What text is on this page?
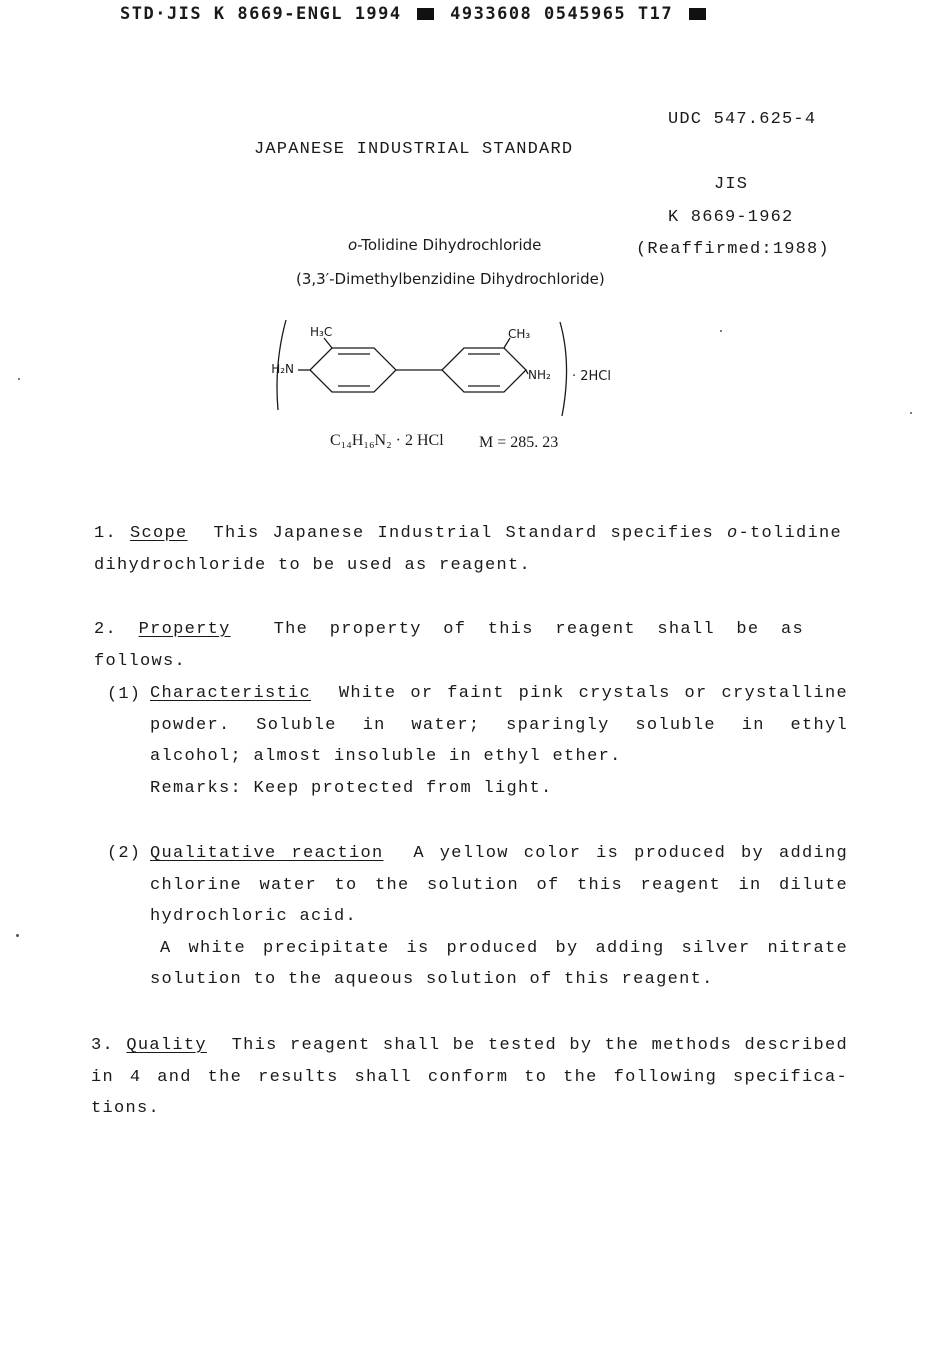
STD·JIS K 8669-ENGL 1994	4933608 0545965 T17
UDC 547.625-4
JAPANESE INDUSTRIAL STANDARD
JIS
K 8669-1962
(Reaffirmed:1988)
o-Tolidine Dihydrochloride
(3,3′-Dimethylbenzidine Dihydrochloride)
H₃C	CH₃
H₂N	NH₂ · 2HCl
C₁₄H₁₆N₂ · 2 HCl M = 285. 23
1. Scope This Japanese Industrial Standard specifies o-tolidine
dihydrochloride to be used as reagent.
2. Property	The property of this reagent shall be as follows.
(1) Characteristic White or faint pink crystals or crystalline
powder. Soluble in water; sparingly soluble in ethyl
alcohol; almost insoluble in ethyl ether.
Remarks: Keep protected from light.
(2) Qualitative reaction A yellow color is produced by adding
chlorine water to the solution of this reagent in dilute
hydrochloric acid.
A white precipitate is produced by adding silver nitrate
solution to the aqueous solution of this reagent.
3. Quality This reagent shall be tested by the methods described
in 4 and the results shall conform to the following specifica-
tions.
